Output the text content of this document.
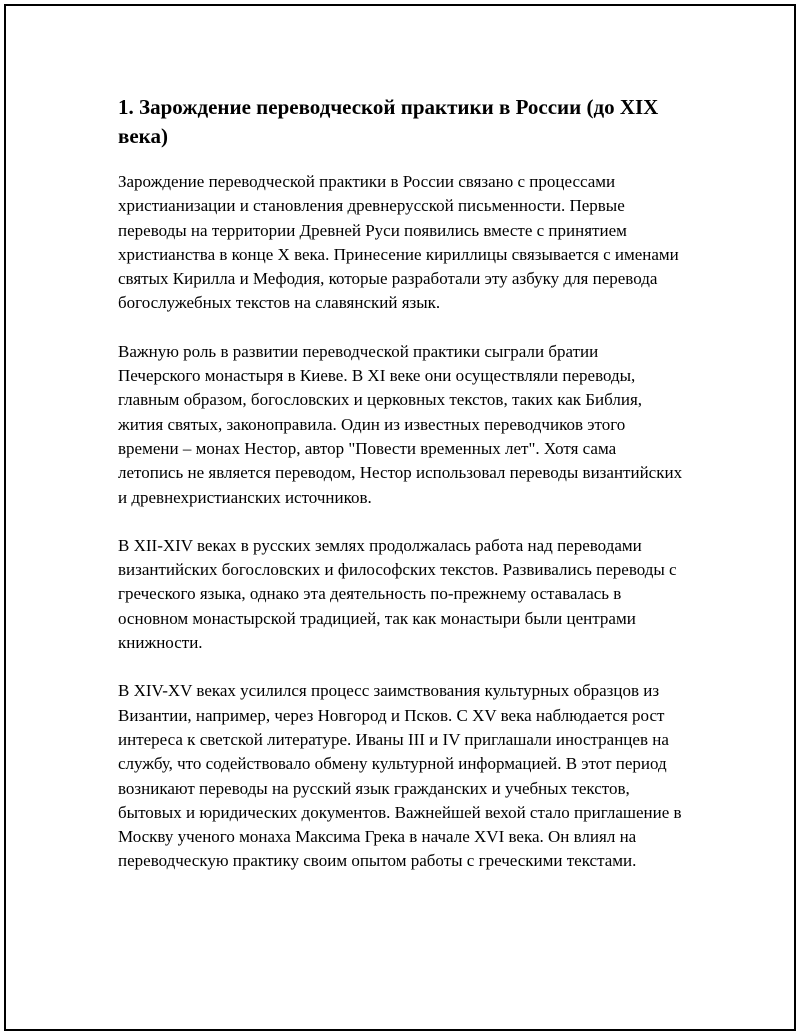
1. Зарождение переводческой практики в России (до XIX века)

Зарождение переводческой практики в России связано с процессами христианизации и становления древнерусской письменности. Первые переводы на территории Древней Руси появились вместе с принятием христианства в конце X века. Принесение кириллицы связывается с именами святых Кирилла и Мефодия, которые разработали эту азбуку для перевода богослужебных текстов на славянский язык.

Важную роль в развитии переводческой практики сыграли братии Печерского монастыря в Киеве. В XI веке они осуществляли переводы, главным образом, богословских и церковных текстов, таких как Библия, жития святых, законоправила. Один из известных переводчиков этого времени – монах Нестор, автор "Повести временных лет". Хотя сама летопись не является переводом, Нестор использовал переводы византийских и древнехристианских источников.

В XII-XIV веках в русских землях продолжалась работа над переводами византийских богословских и философских текстов. Развивались переводы с греческого языка, однако эта деятельность по-прежнему оставалась в основном монастырской традицией, так как монастыри были центрами книжности.

В XIV-XV веках усилился процесс заимствования культурных образцов из Византии, например, через Новгород и Псков. С XV века наблюдается рост интереса к светской литературе. Иваны III и IV приглашали иностранцев на службу, что содействовало обмену культурной информацией. В этот период возникают переводы на русский язык гражданских и учебных текстов, бытовых и юридических документов. Важнейшей вехой стало приглашение в Москву ученого монаха Максима Грека в начале XVI века. Он влиял на переводческую практику своим опытом работы с греческими текстами.
